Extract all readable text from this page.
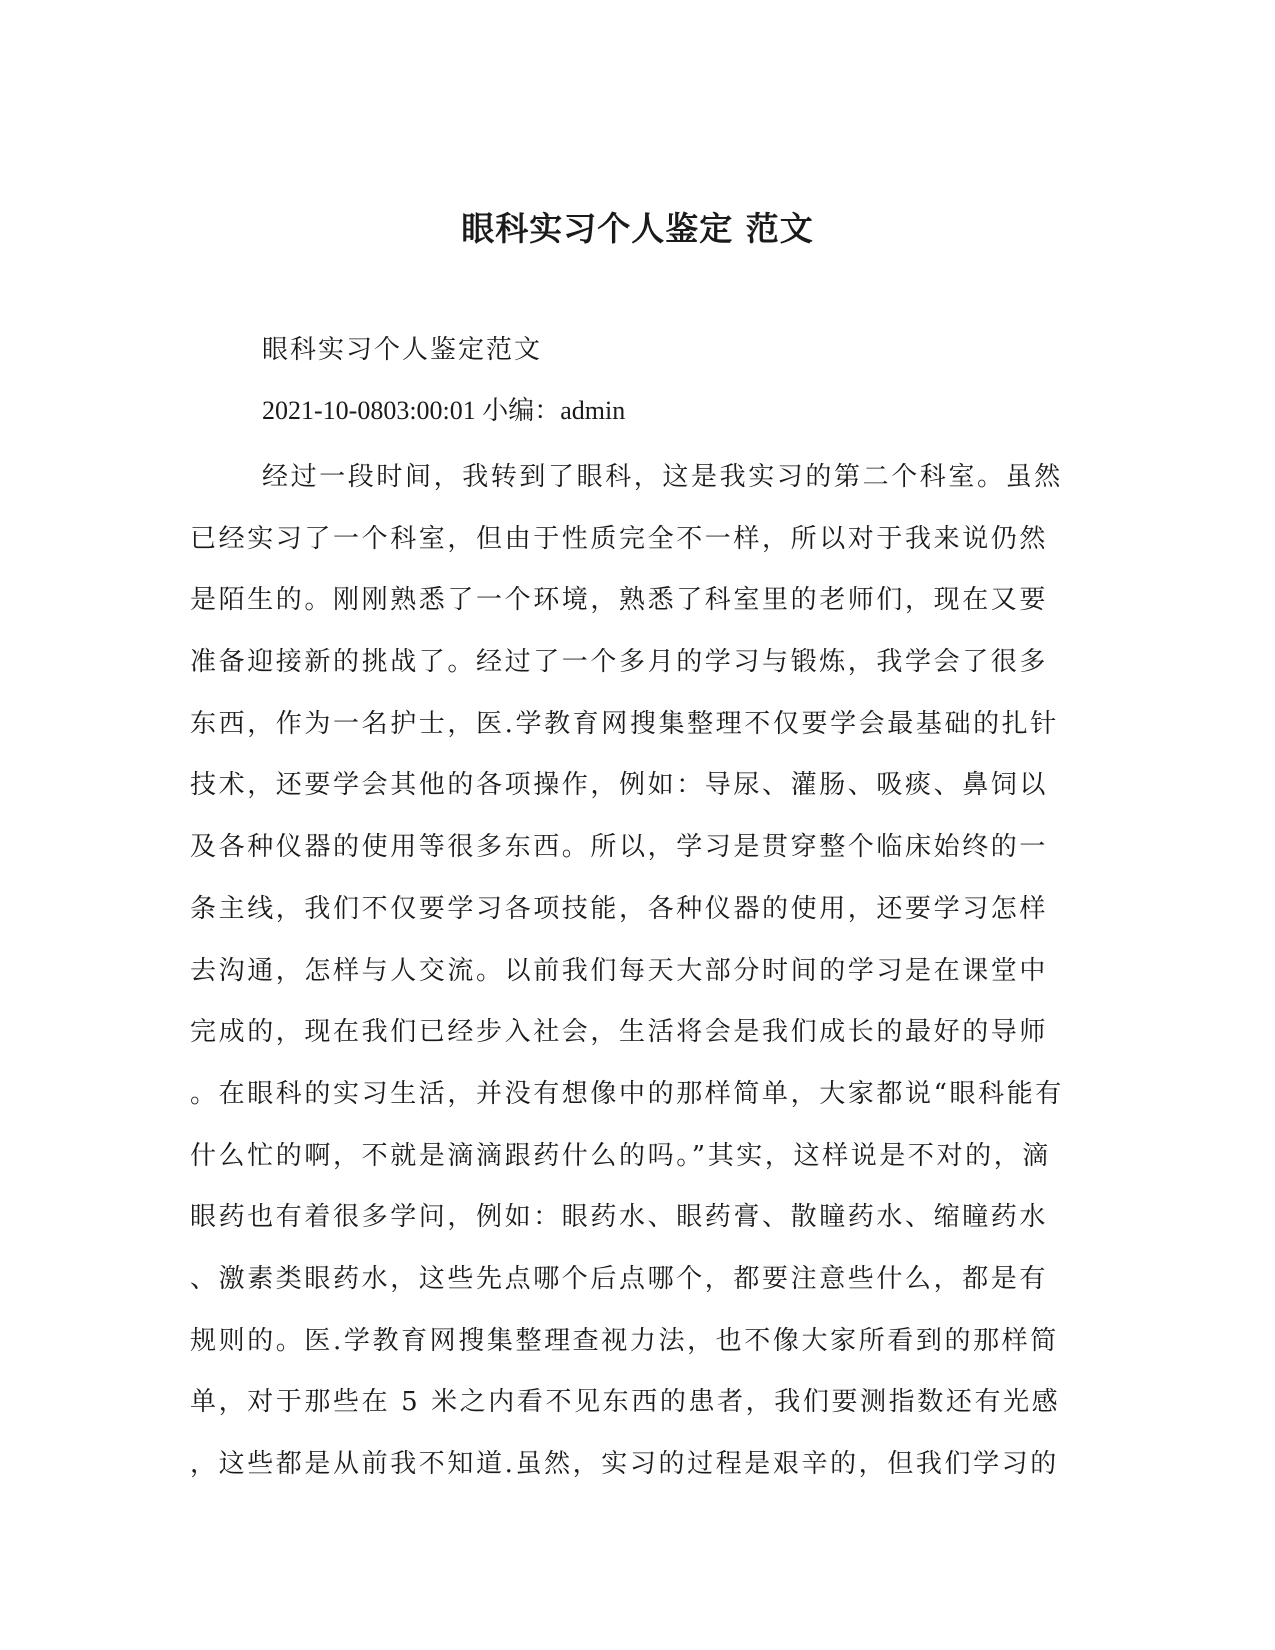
眼科实习个人鉴定 范文
眼科实习个人鉴定范文
2021-10-0803:00:01 小编：admin
经过一段时间，我转到了眼科，这是我实习的第二个科室。虽然
已经实习了一个科室，但由于性质完全不一样，所以对于我来说仍然
是陌生的。刚刚熟悉了一个环境，熟悉了科室里的老师们，现在又要
准备迎接新的挑战了。经过了一个多月的学习与锻炼，我学会了很多
东西，作为一名护士，医.学教育网搜集整理不仅要学会最基础的扎针
技术，还要学会其他的各项操作，例如：导尿、灌肠、吸痰、鼻饲以
及各种仪器的使用等很多东西。所以，学习是贯穿整个临床始终的一
条主线，我们不仅要学习各项技能，各种仪器的使用，还要学习怎样
去沟通，怎样与人交流。以前我们每天大部分时间的学习是在课堂中
完成的，现在我们已经步入社会，生活将会是我们成长的最好的导师
。在眼科的实习生活，并没有想像中的那样简单，大家都说“眼科能有
什么忙的啊，不就是滴滴跟药什么的吗。”其实，这样说是不对的，滴
眼药也有着很多学问，例如：眼药水、眼药膏、散瞳药水、缩瞳药水
、激素类眼药水，这些先点哪个后点哪个，都要注意些什么，都是有
规则的。医.学教育网搜集整理查视力法，也不像大家所看到的那样简
单，对于那些在 5 米之内看不见东西的患者，我们要测指数还有光感
，这些都是从前我不知道.虽然，实习的过程是艰辛的，但我们学习的
